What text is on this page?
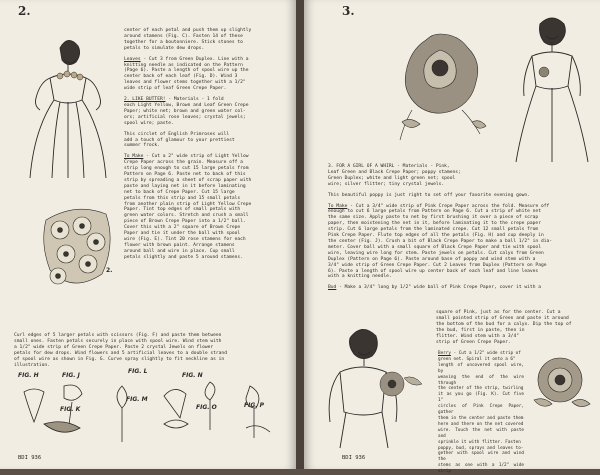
2.

center of each petal and push them up slightly

around stamens (Fig. C). Fasten 14 of these

together for a boutonniere. Stick stones to

petals to simulate dew drops.

Leaves - Cut 3 from Green Duplex. Line with a

knitting needle as indicated on the Pattern

(Page 6). Paste a length of spool wire up the

center back of each leaf (Fig. D). Wind 3

leaves and flower stems together with a 1/2"

wide strip of leaf Green Crepe Paper.

2. LIKE BUTTER! - Materials - 1 fold

each Light Yellow, Brown and Leaf Green Crepe

Paper; white net; brown and green water col-

ors; artificial rose leaves; crystal jewels;

spool wire; paste.

This circlet of English Primroses will

add a touch of glamour to your prettiest

summer frock.

To Make - Cut a 2" wide strip of Light Yellow

Crepe Paper across the grain. Measure off a

strip long enough to cut 15 large petals from

Pattern on Page 6. Paste net to back of this

strip by spreading a sheet of scrap paper with

paste and laying net in it before laminating

net to back of Crepe Paper. Cut 15 large

petals from this strip and 15 small petals

from another plain strip of Light Yellow Crepe

Paper. Tint top edges of small petals with

green water colors. Stretch and crush a small

piece of Brown Crepe Paper into a 1/2" ball.

Cover this with a 2" square of Brown Crepe

Paper and tie it under the ball with spool

wire (Fig. E). Tint 20 rose stamens for each

flower with brown paint. Arrange stamens

around ball and wire in place. Cup small

petals slightly and paste 5 around stamens.

2.

Curl edges of 5 larger petals with scissors (Fig. F) and paste them between

small ones. Fasten petals securely in place with spool wire. Wind stem with

a 1/2" wide strip of Green Crepe Paper. Paste 2 crystal Jewels on flower

petals for dew drops. Wind flowers and 5 artificial leaves to a double strand

of spool wire as shown in Fig. G. Curve spray slightly to fit neckline as in

illustration.

FIG. H	FIG. J
FIG. L
FIG. N
FIG. M
FIG. K	FIG. O	FIG. P
BDI 936
3.

3. FOR A GIRL OF A WHIRL - Materials - Pink,

Leaf Green and Black Crepe Paper; poppy stamens;

Green Duplex; white and light green net; spool

wire; silver flitter; tiny crystal jewels.

This beautiful poppy is just right to set off your favorite evening gown.

To Make - Cut a 3/4" wide strip of Pink Crepe Paper across the fold. Measure off

enough to cut 6 large petals from Pattern on Page 6. Cut a strip of white net

the same size. Apply paste to net by first brushing it over a piece of scrap

paper, then moistening the net in it, before laminating it to the crepe paper

strip. Cut 6 large petals from the laminated crepe. Cut 12 small petals from

Pink Crepe Paper. Flute top edges of all the petals (Fig. H) and cup deeply in

the center (Fig. J). Crush a bit of Black Crepe Paper to make a ball 1/2" in dia-

meter. Cover ball with a small square of Black Crepe Paper and tie with spool

wire, leaving wire long for stem. Paste jewels on petals. Cut calyx from Green

Duplex (Pattern on Page 6). Paste around base of poppy and wind stem with a

3/4" wide strip of Green Crepe Paper. Cut 2 Leaves from Duplex (Pattern on Page

6). Paste a length of spool wire up center back of each leaf and line leaves

with a knitting needle.

Bud - Make a 3/4" long by 1/2" wide ball of Pink Crepe Paper, cover it with a

square of Pink, just as for the center. Cut a

small pointed strip of Green and paste it around

the bottom of the bud for a calyx. Dip the top of

the bud, first in paste, then in

flitter. Wind stem with a 3/4"

strip of Green Crepe Paper.

Berry - Cut a 1/2" wide strip of

green net. Spiral it onto a 6"

length of uncovered spool wire, by

weaving the end of the wire through

the center of the strip, twirling

it as you go (Fig. K). Cut five 1"

circles of Pink Crepe Paper, gather

them in the center and paste them

here and there on the net covered

wire. Touch the net with paste and

sprinkle it with flitter. Fasten

poppy, bud, sprays and leaves to-

gether with spool wire and wind the

stems as one with a 1/2" wide strip

BDI 936
